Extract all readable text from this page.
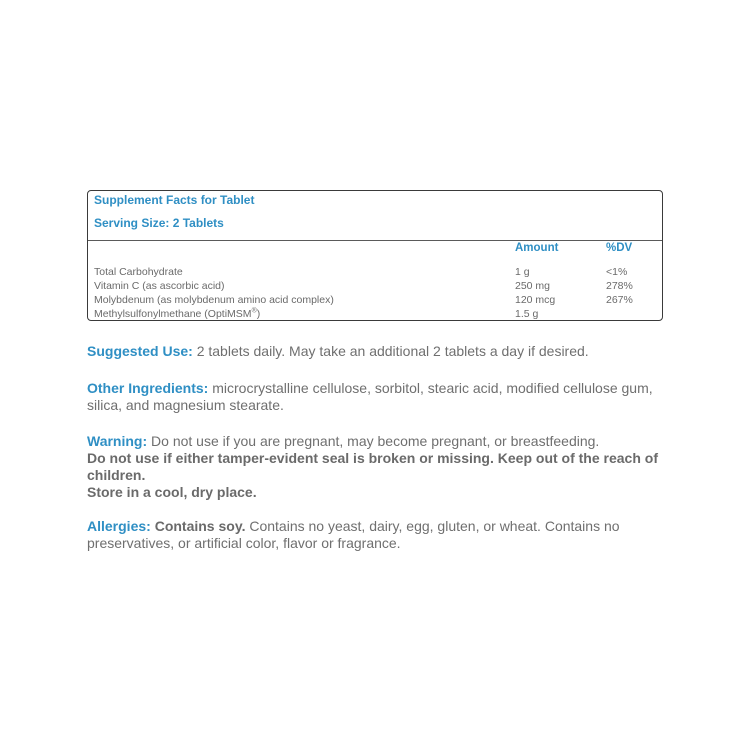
Supplement Facts for Tablet
Serving Size: 2 Tablets
Amount	%DV
Total Carbohydrate	1 g	<1%
Vitamin C (as ascorbic acid)	250 mg	278%
Molybdenum (as molybdenum amino acid complex)	120 mcg	267%
Methylsulfonylmethane (OptiMSM®)	1.5 g
Suggested Use: 2 tablets daily. May take an additional 2 tablets a day if desired.
Other Ingredients: microcrystalline cellulose, sorbitol, stearic acid, modified cellulose gum, silica, and magnesium stearate.
Warning: Do not use if you are pregnant, may become pregnant, or breastfeeding.
Do not use if either tamper-evident seal is broken or missing. Keep out of the reach of children.
Store in a cool, dry place.
Allergies: Contains soy. Contains no yeast, dairy, egg, gluten, or wheat. Contains no preservatives, or artificial color, flavor or fragrance.
